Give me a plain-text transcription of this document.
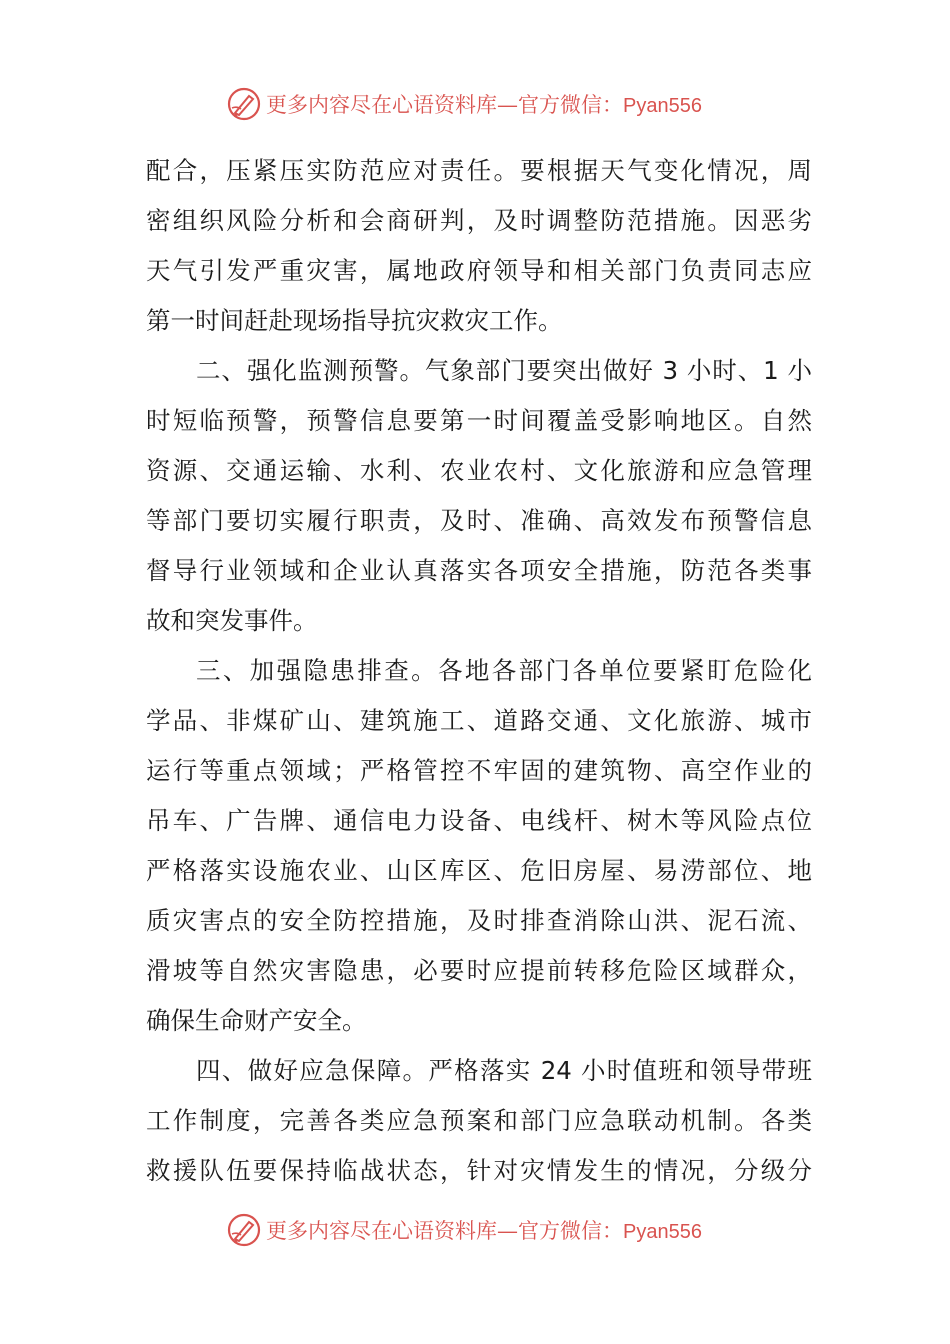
更多内容尽在心语资料库—官方微信：Pyan556
配合，压紧压实防范应对责任。要根据天气变化情况，周
密组织风险分析和会商研判，及时调整防范措施。因恶劣
天气引发严重灾害，属地政府领导和相关部门负责同志应
第一时间赶赴现场指导抗灾救灾工作。
二、强化监测预警。气象部门要突出做好 3 小时、1 小
时短临预警，预警信息要第一时间覆盖受影响地区。自然
资源、交通运输、水利、农业农村、文化旅游和应急管理
等部门要切实履行职责，及时、准确、高效发布预警信息
督导行业领域和企业认真落实各项安全措施，防范各类事
故和突发事件。
三、加强隐患排查。各地各部门各单位要紧盯危险化
学品、非煤矿山、建筑施工、道路交通、文化旅游、城市
运行等重点领域；严格管控不牢固的建筑物、高空作业的
吊车、广告牌、通信电力设备、电线杆、树木等风险点位
严格落实设施农业、山区库区、危旧房屋、易涝部位、地
质灾害点的安全防控措施，及时排查消除山洪、泥石流、
滑坡等自然灾害隐患，必要时应提前转移危险区域群众，
确保生命财产安全。
四、做好应急保障。严格落实 24 小时值班和领导带班
工作制度，完善各类应急预案和部门应急联动机制。各类
救援队伍要保持临战状态，针对灾情发生的情况，分级分
更多内容尽在心语资料库—官方微信：Pyan556
